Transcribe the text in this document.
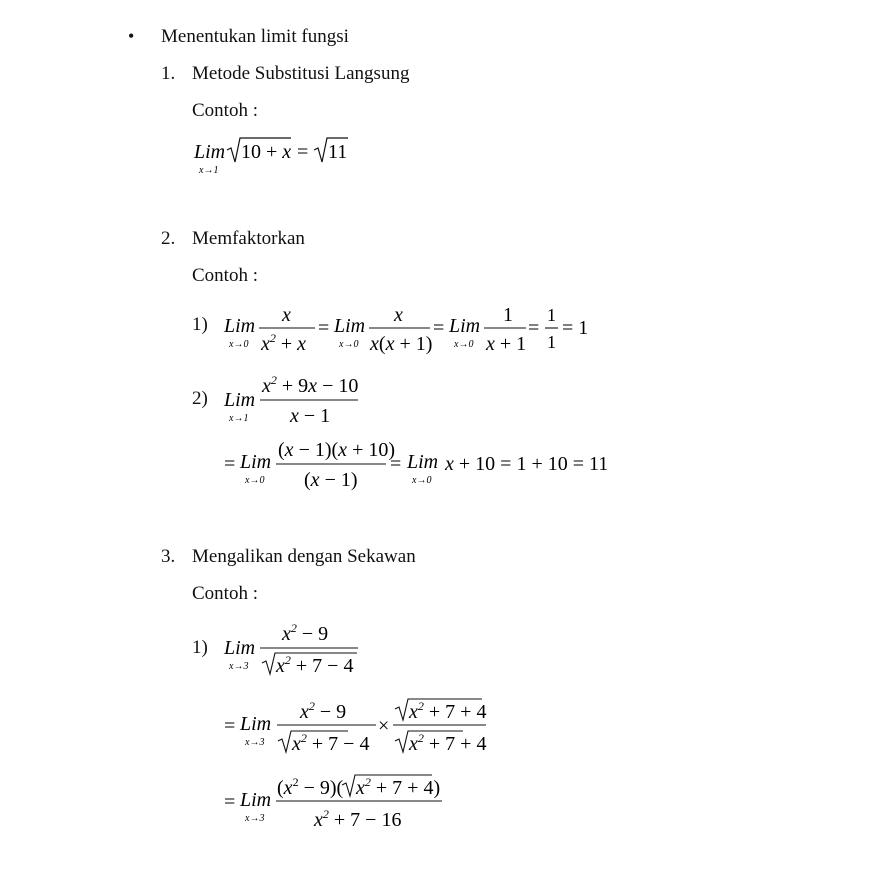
• Menentukan limit fungsi
1. Metode Substitusi Langsung
Contoh :
Lim
x→1
10 + x = 11
2. Memfaktorkan
Contoh :
1) Lim
x→0
x
$x^2 + x$
= Lim
x→0
x
x(x + 1)
= Lim
x→0
1
x + 1
=
1
1
= 1
2) Lim
x→1
$x^2 + 9x - 10$
x − 1
= Lim
x→0
(x − 1)(x + 10)
(x − 1)
= Lim
x→0
x + 10 = 1 + 10 = 11
3. Mengalikan dengan Sekawan
Contoh :
1) Lim
x→3
$x^2 - 9$
$x^2 + 7 - 4$
= Lim
x→3
$x^2 - 9$
$x^2 + 7 - 4$
×
$x^2 + 7 + 4$
$x^2 + 7 + 4$
= Lim
x→3
$(x^2 - 9)$( $x^2 + 7 + 4$)
$x^2 + 7 - 16$
